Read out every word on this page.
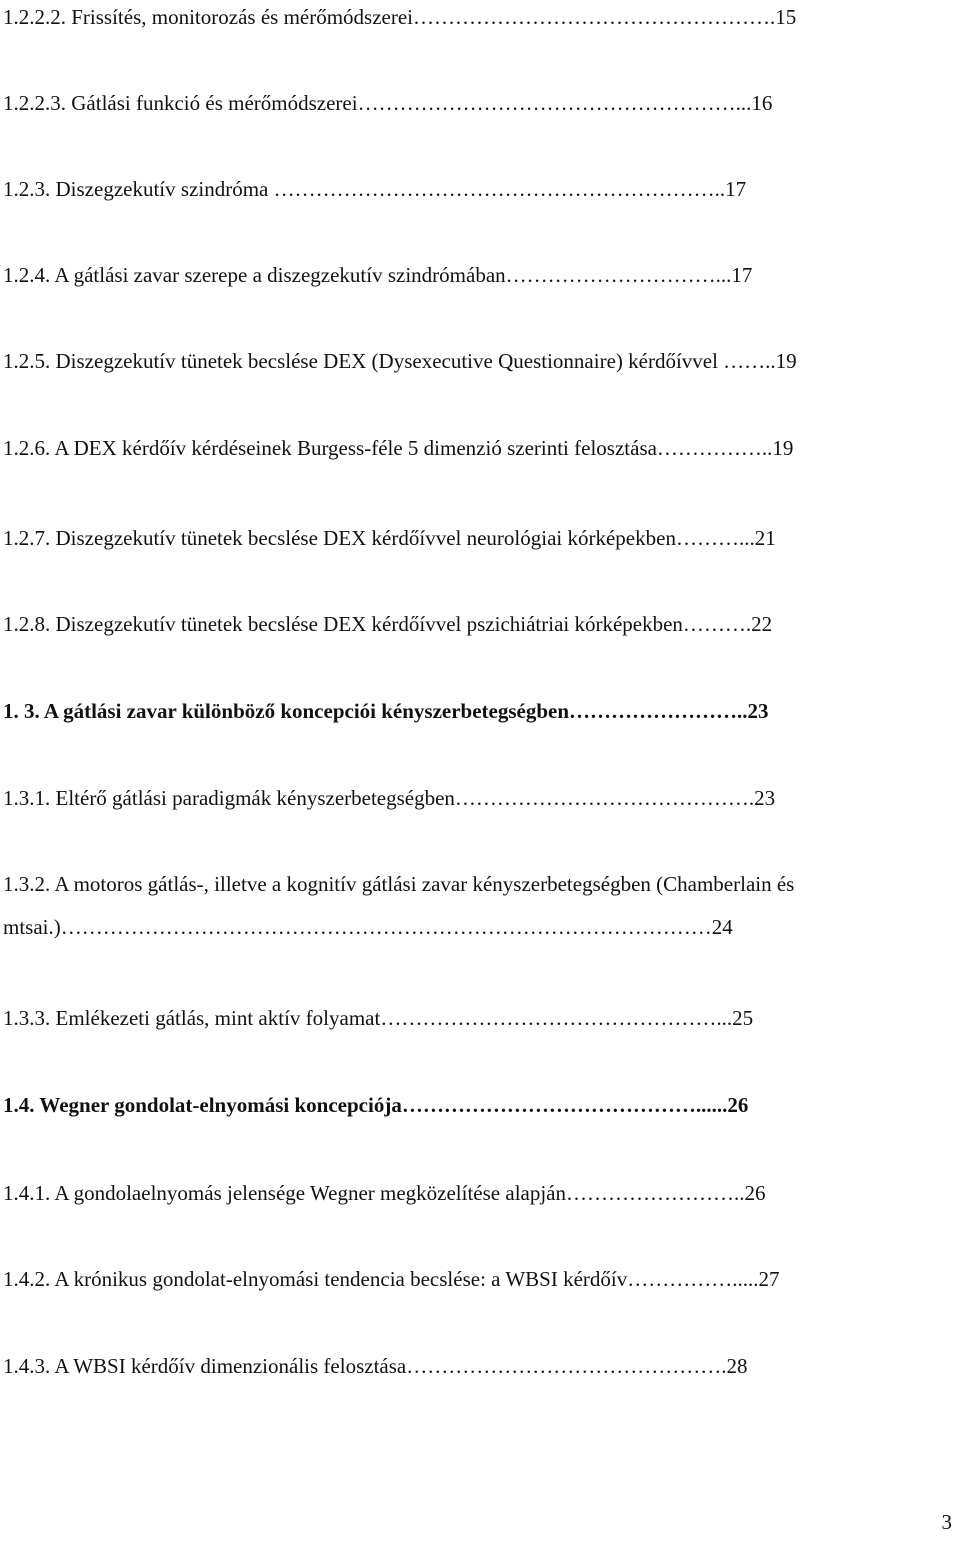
1.2.2.2. Frissítés, monitorozás és mérőmódszerei…………………………………………….15
1.2.2.3. Gátlási funkció és mérőmódszerei………………………………………………...16
1.2.3. Diszegzekutív szindróma ………………………………………………………..17
1.2.4. A gátlási zavar szerepe a diszegzekutív szindrómában…………………………...17
1.2.5. Diszegzekutív tünetek becslése DEX (Dysexecutive Questionnaire) kérdőívvel ……..19
1.2.6. A DEX kérdőív kérdéseinek Burgess-féle 5 dimenzió szerinti felosztása……………..19
1.2.7. Diszegzekutív tünetek becslése DEX kérdőívvel neurológiai kórképekben………...21
1.2.8. Diszegzekutív tünetek becslése DEX kérdőívvel pszichiátriai kórképekben……….22
1. 3. A gátlási zavar különböző koncepciói kényszerbetegségben……………………..23
1.3.1. Eltérő gátlási paradigmák kényszerbetegségben…………………………………….23
1.3.2. A motoros gátlás-, illetve a kognitív gátlási zavar kényszerbetegségben (Chamberlain és mtsai.)…………………………………………………………………………………24
1.3.3. Emlékezeti gátlás, mint aktív folyamat…………………………………………...25
1.4. Wegner gondolat-elnyomási koncepciója……………………………………......26
1.4.1. A gondolaelnyomás jelensége Wegner megközelítése alapján……………………..26
1.4.2. A krónikus gondolat-elnyomási tendencia becslése: a WBSI kérdőív…………….....27
1.4.3. A WBSI kérdőív dimenzionális felosztása……………………………………….28
3
